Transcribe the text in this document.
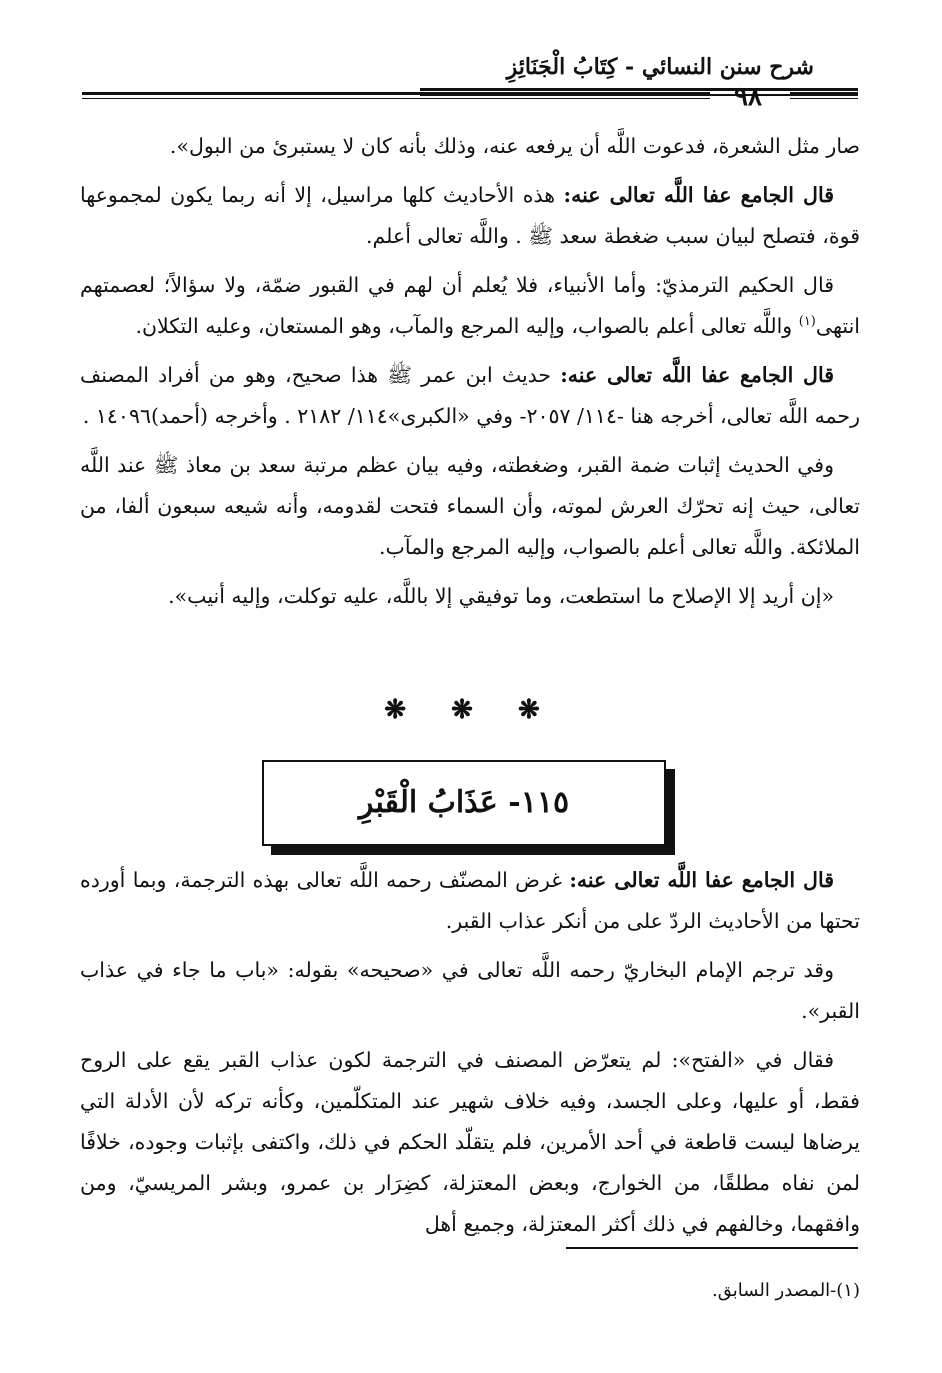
شرح سنن النسائي - كِتَابُ الْجَنَائِزِ
٩٨

صار مثل الشعرة، فدعوت اللَّه أن يرفعه عنه، وذلك بأنه كان لا يستبرئ من البول».

قال الجامع عفا اللَّه تعالى عنه: هذه الأحاديث كلها مراسيل، إلا أنه ربما يكون لمجموعها قوة، فتصلح لبيان سبب ضغطة سعد ﷺ . واللَّه تعالى أعلم.

قال الحكيم الترمذيّ: وأما الأنبياء، فلا يُعلم أن لهم في القبور ضمّة، ولا سؤالاً؛ لعصمتهم انتهى$^{(١)}$ واللَّه تعالى أعلم بالصواب، وإليه المرجع والمآب، وهو المستعان، وعليه التكلان.

قال الجامع عفا اللَّه تعالى عنه: حديث ابن عمر ﷺ هذا صحيح، وهو من أفراد المصنف رحمه اللَّه تعالى، أخرجه هنا -١١٤/ ٢٠٥٧- وفي «الكبرى»١١٤/ ٢١٨٢ . وأخرجه (أحمد)١٤٠٩٦ .

وفي الحديث إثبات ضمة القبر، وضغطته، وفيه بيان عظم مرتبة سعد بن معاذ ﷺ عند اللَّه تعالى، حيث إنه تحرّك العرش لموته، وأن السماء فتحت لقدومه، وأنه شيعه سبعون ألفا، من الملائكة. واللَّه تعالى أعلم بالصواب، وإليه المرجع والمآب.

«إن أريد إلا الإصلاح ما استطعت، وما توفيقي إلا باللَّه، عليه توكلت، وإليه أنيب».

❋ ❋ ❋
١١٥- عَذَابُ الْقَبْرِ

قال الجامع عفا اللَّه تعالى عنه: غرض المصنّف رحمه اللَّه تعالى بهذه الترجمة، وبما أورده تحتها من الأحاديث الردّ على من أنكر عذاب القبر.

وقد ترجم الإمام البخاريّ رحمه اللَّه تعالى في «صحيحه» بقوله: «باب ما جاء في عذاب القبر».

فقال في «الفتح»: لم يتعرّض المصنف في الترجمة لكون عذاب القبر يقع على الروح فقط، أو عليها، وعلى الجسد، وفيه خلاف شهير عند المتكلّمين، وكأنه تركه لأن الأدلة التي يرضاها ليست قاطعة في أحد الأمرين، فلم يتقلّد الحكم في ذلك، واكتفى بإثبات وجوده، خلافًا لمن نفاه مطلقًا، من الخوارج، وبعض المعتزلة، كضِرَار بن عمرو، وبشر المريسيّ، ومن وافقهما، وخالفهم في ذلك أكثر المعتزلة، وجميع أهل

(١)-المصدر السابق.
